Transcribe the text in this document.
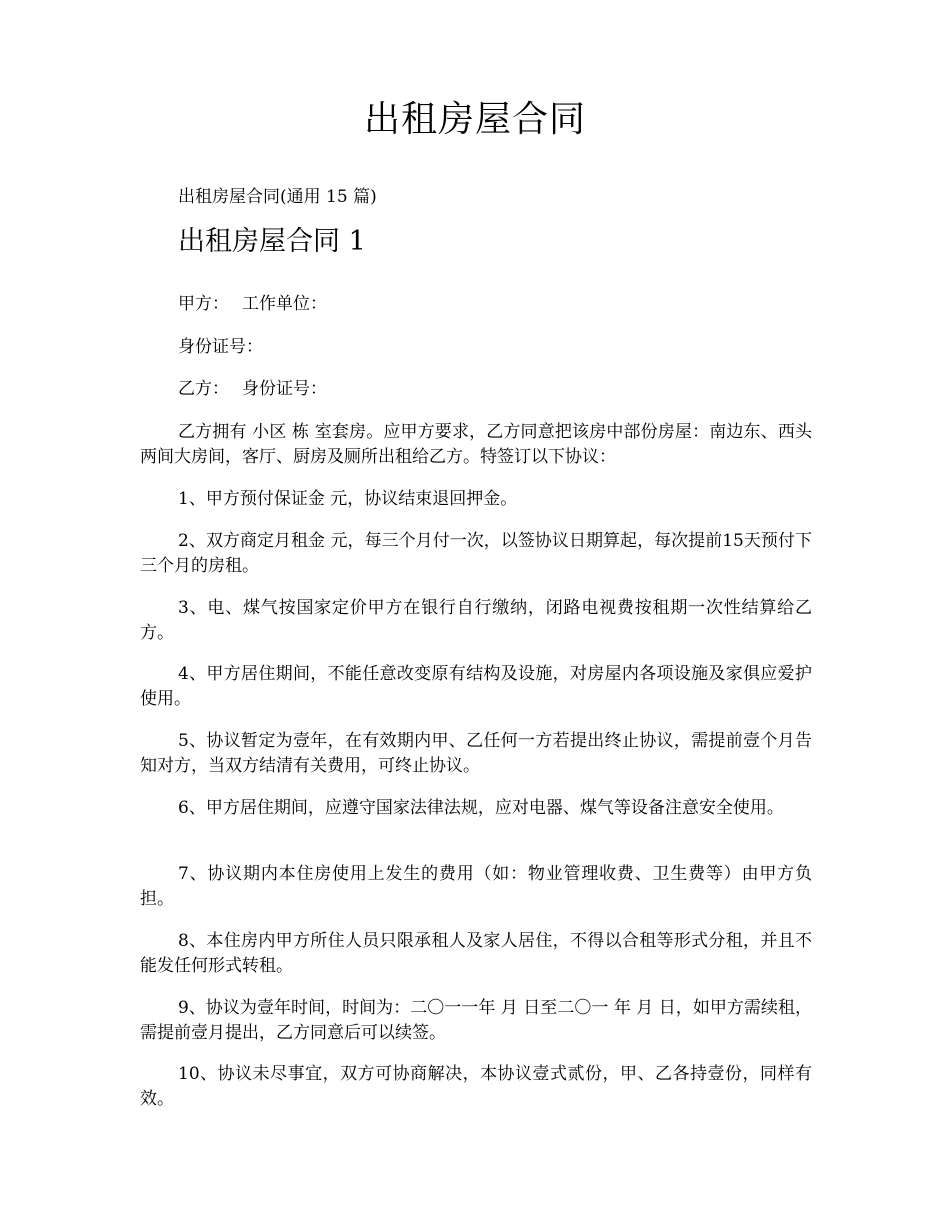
出租房屋合同
出租房屋合同(通用 15 篇)
出租房屋合同 1
甲方： 工作单位：
身份证号：
乙方： 身份证号：

乙方拥有 小区 栋 室套房。应甲方要求，乙方同意把该房中部份房屋：南边东、西头两间大房间，客厅、厨房及厕所出租给乙方。特签订以下协议：

1、甲方预付保证金 元，协议结束退回押金。

2、双方商定月租金 元，每三个月付一次，以签协议日期算起，每次提前15天预付下三个月的房租。

3、电、煤气按国家定价甲方在银行自行缴纳，闭路电视费按租期一次性结算给乙方。

4、甲方居住期间，不能任意改变原有结构及设施，对房屋内各项设施及家俱应爱护使用。

5、协议暂定为壹年，在有效期内甲、乙任何一方若提出终止协议，需提前壹个月告知对方，当双方结清有关费用，可终止协议。

6、甲方居住期间，应遵守国家法律法规，应对电器、煤气等设备注意安全使用。

7、协议期内本住房使用上发生的费用（如：物业管理收费、卫生费等）由甲方负担。

8、本住房内甲方所住人员只限承租人及家人居住，不得以合租等形式分租，并且不能发任何形式转租。

9、协议为壹年时间，时间为：二〇一一年 月 日至二〇一 年 月 日，如甲方需续租，需提前壹月提出，乙方同意后可以续签。

10、协议未尽事宜，双方可协商解决，本协议壹式贰份，甲、乙各持壹份，同样有效。
